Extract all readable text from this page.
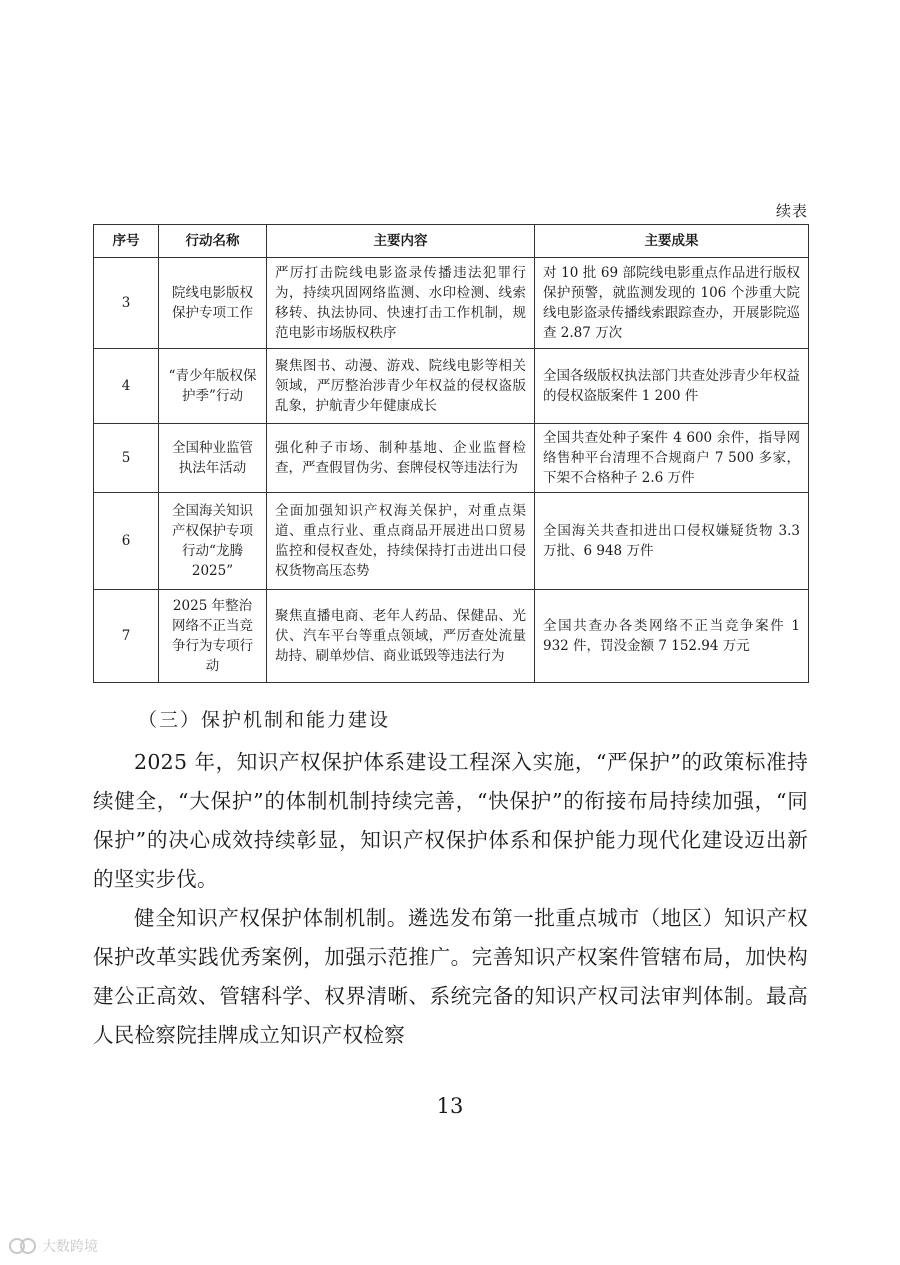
续表
序号	行动名称	主要内容	主要成果
3	院线电影版权保护专项工作	严厉打击院线电影盗录传播违法犯罪行为，持续巩固网络监测、水印检测、线索移转、执法协同、快速打击工作机制，规范电影市场版权秩序	对 10 批 69 部院线电影重点作品进行版权保护预警，就监测发现的 106 个涉重大院线电影盗录传播线索跟踪查办，开展影院巡查 2.87 万次
4	“青少年版权保护季”行动	聚焦图书、动漫、游戏、院线电影等相关领域，严厉整治涉青少年权益的侵权盗版乱象，护航青少年健康成长	全国各级版权执法部门共查处涉青少年权益的侵权盗版案件 1 200 件
5	全国种业监管执法年活动	强化种子市场、制种基地、企业监督检查，严查假冒伪劣、套牌侵权等违法行为	全国共查处种子案件 4 600 余件，指导网络售种平台清理不合规商户 7 500 多家，下架不合格种子 2.6 万件
6	全国海关知识产权保护专项行动“龙腾 2025”	全面加强知识产权海关保护，对重点渠道、重点行业、重点商品开展进出口贸易监控和侵权查处，持续保持打击进出口侵权货物高压态势	全国海关共查扣进出口侵权嫌疑货物 3.3 万批、6 948 万件
7	2025 年整治网络不正当竞争行为专项行动	聚焦直播电商、老年人药品、保健品、光伏、汽车平台等重点领域，严厉查处流量劫持、刷单炒信、商业诋毁等违法行为	全国共查办各类网络不正当竞争案件 1 932 件，罚没金额 7 152.94 万元
（三）保护机制和能力建设

2025 年，知识产权保护体系建设工程深入实施，“严保护”的政策标准持续健全，“大保护”的体制机制持续完善，“快保护”的衔接布局持续加强，“同保护”的决心成效持续彰显，知识产权保护体系和保护能力现代化建设迈出新的坚实步伐。

健全知识产权保护体制机制。遴选发布第一批重点城市（地区）知识产权保护改革实践优秀案例，加强示范推广。完善知识产权案件管辖布局，加快构建公正高效、管辖科学、权界清晰、系统完备的知识产权司法审判体制。最高人民检察院挂牌成立知识产权检察

13
大数跨境
